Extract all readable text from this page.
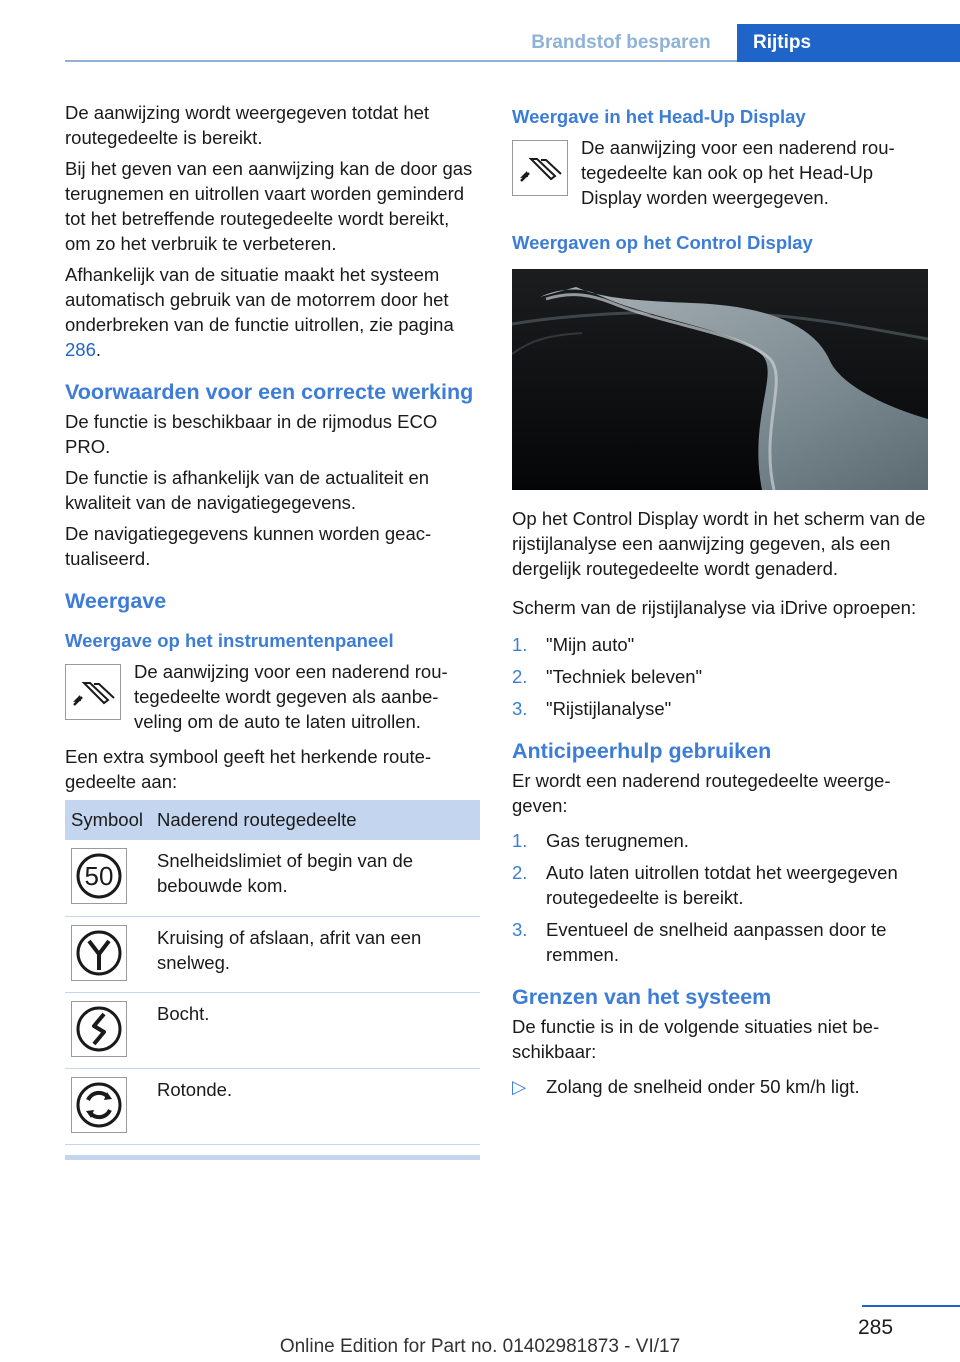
Brandstof besparen	Rijtips

De aanwijzing wordt weergegeven totdat het routegedeelte is bereikt.

Bij het geven van een aanwijzing kan de door gas terugnemen en uitrollen vaart worden geminderd tot het betreffende routegedeelte wordt bereikt, om zo het verbruik te verbeteren.

Afhankelijk van de situatie maakt het systeem automatisch gebruik van de motorrem door het onderbreken van de functie uitrollen, zie pagina 286.

Voorwaarden voor een correcte werking

De functie is beschikbaar in de rijmodus ECO PRO.

De functie is afhankelijk van de actualiteit en kwaliteit van de navigatiegegevens.

De navigatiegegevens kunnen worden geactualiseerd.

Weergave
Weergave op het instrumentenpaneel

De aanwijzing voor een naderend routegedeelte wordt gegeven als aanbeveling om de auto te laten uitrollen.

Een extra symbool geeft het herkende routegedeelte aan:

Symbool	Naderend routegedeelte

50	Snelheidslimiet of begin van de bebouwde kom.

	Kruising of afslaan, afrit van een snelweg.

	Bocht.

	Rotonde.
Weergave in het Head-Up Display

De aanwijzing voor een naderend routegedeelte kan ook op het Head-Up Display worden weergegeven.

Weergaven op het Control Display

Op het Control Display wordt in het scherm van de rijstijlanalyse een aanwijzing gegeven, als een dergelijk routegedeelte wordt genaderd.

Scherm van de rijstijlanalyse via iDrive oproepen:

1.	"Mijn auto"
2.	"Techniek beleven"
3.	"Rijstijlanalyse"
Anticipeerhulp gebruiken

Er wordt een naderend routegedeelte weergegeven:

1.	Gas terugnemen.
2.	Auto laten uitrollen totdat het weergegeven routegedeelte is bereikt.
3.	Eventueel de snelheid aanpassen door te remmen.
Grenzen van het systeem

De functie is in de volgende situaties niet beschikbaar:

▷	Zolang de snelheid onder 50 km/h ligt.
285
Online Edition for Part no. 01402981873 - VI/17
